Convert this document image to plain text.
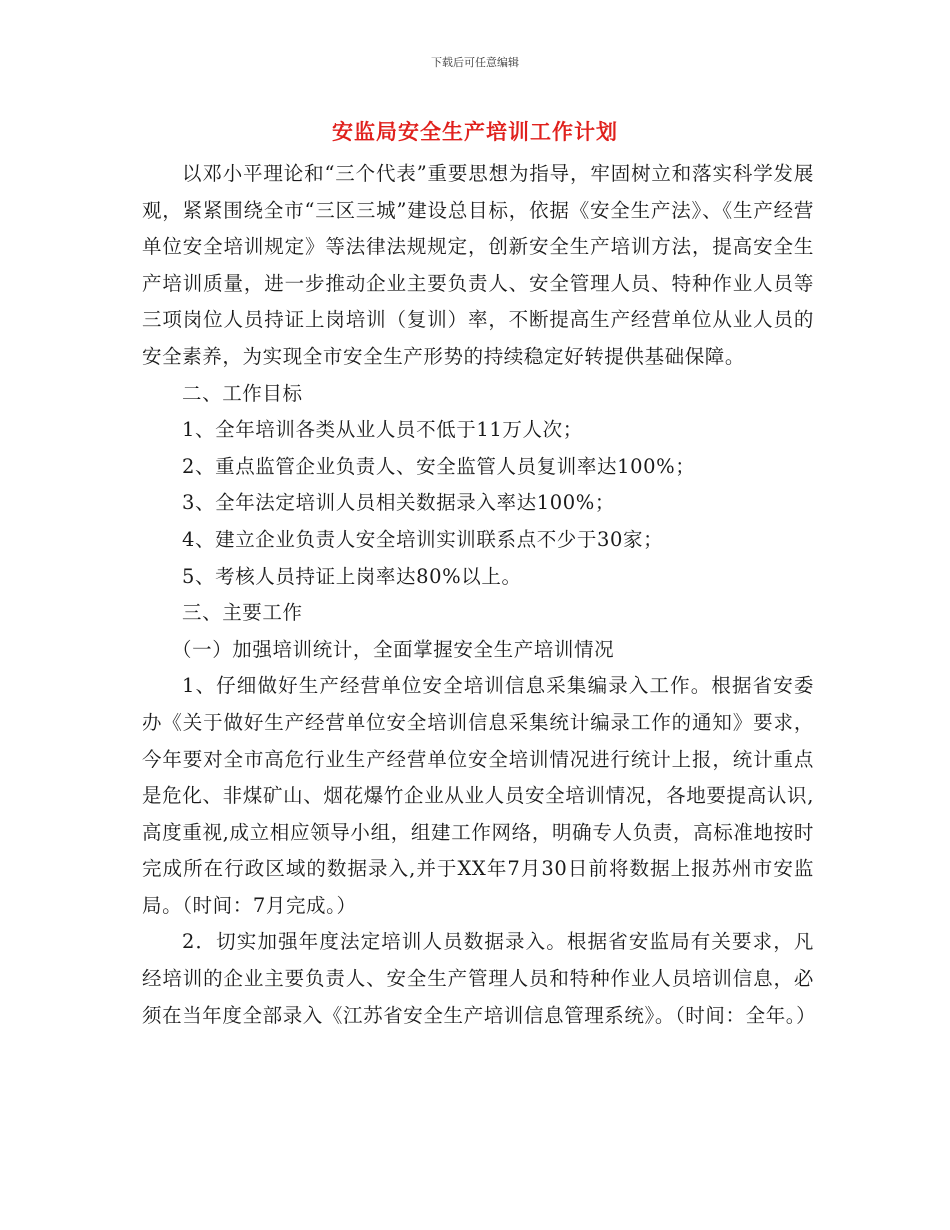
下载后可任意编辑
安监局安全生产培训工作计划

以邓小平理论和“三个代表”重要思想为指导，牢固树立和落实科学发展观，紧紧围绕全市“三区三城”建设总目标，依据《安全生产法》、《生产经营单位安全培训规定》等法律法规规定，创新安全生产培训方法，提高安全生产培训质量，进一步推动企业主要负责人、安全管理人员、特种作业人员等三项岗位人员持证上岗培训（复训）率，不断提高生产经营单位从业人员的安全素养，为实现全市安全生产形势的持续稳定好转提供基础保障。

二、工作目标

1、全年培训各类从业人员不低于11万人次；

2、重点监管企业负责人、安全监管人员复训率达100%；

3、全年法定培训人员相关数据录入率达100%；

4、建立企业负责人安全培训实训联系点不少于30家；

5、考核人员持证上岗率达80%以上。

三、主要工作

（一）加强培训统计，全面掌握安全生产培训情况

1、仔细做好生产经营单位安全培训信息采集编录入工作。根据省安委办《关于做好生产经营单位安全培训信息采集统计编录工作的通知》要求，今年要对全市高危行业生产经营单位安全培训情况进行统计上报，统计重点是危化、非煤矿山、烟花爆竹企业从业人员安全培训情况，各地要提高认识,高度重视,成立相应领导小组，组建工作网络，明确专人负责，高标准地按时完成所在行政区域的数据录入,并于XX年7月30日前将数据上报苏州市安监局。（时间：7月完成。）

2．切实加强年度法定培训人员数据录入。根据省安监局有关要求，凡经培训的企业主要负责人、安全生产管理人员和特种作业人员培训信息，必须在当年度全部录入《江苏省安全生产培训信息管理系统》。（时间：全年。）
